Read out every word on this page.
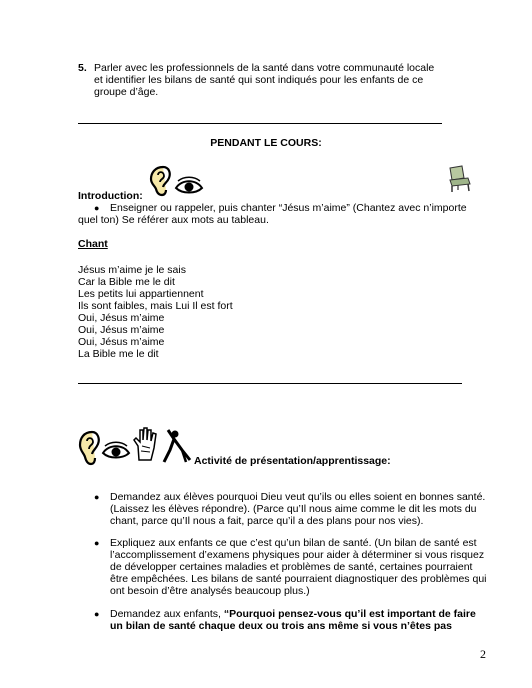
5. Parler avec les professionnels de la santé dans votre communauté locale
et identifier les bilans de santé qui sont indiqués pour les enfants de ce
groupe d’âge.
PENDANT LE COURS:
Introduction:
● Enseigner ou rappeler, puis chanter “Jésus m’aime” (Chantez avec n’importe
quel ton) Se référer aux mots au tableau.
Chant
Jésus m’aime je le sais
Car la Bible me le dit
Les petits lui appartiennent
Ils sont faibles, mais Lui Il est fort
Oui, Jésus m’aime
Oui, Jésus m’aime
Oui, Jésus m’aime
La Bible me le dit
Activité de présentation/apprentissage:
● Demandez aux élèves pourquoi Dieu veut qu’ils ou elles soient en bonnes santé.
(Laissez les élèves répondre). (Parce qu’Il nous aime comme le dit les mots du
chant, parce qu’Il nous a fait, parce qu’il a des plans pour nos vies).
● Expliquez aux enfants ce que c’est qu’un bilan de santé. (Un bilan de santé est
l’accomplissement d’examens physiques pour aider à déterminer si vous risquez
de développer certaines maladies et problèmes de santé, certaines pourraient
être empêchées. Les bilans de santé pourraient diagnostiquer des problèmes qui
ont besoin d’être analysés beaucoup plus.)
● Demandez aux enfants, “Pourquoi pensez-vous qu’il est important de faire
un bilan de santé chaque deux ou trois ans même si vous n’êtes pas
2
